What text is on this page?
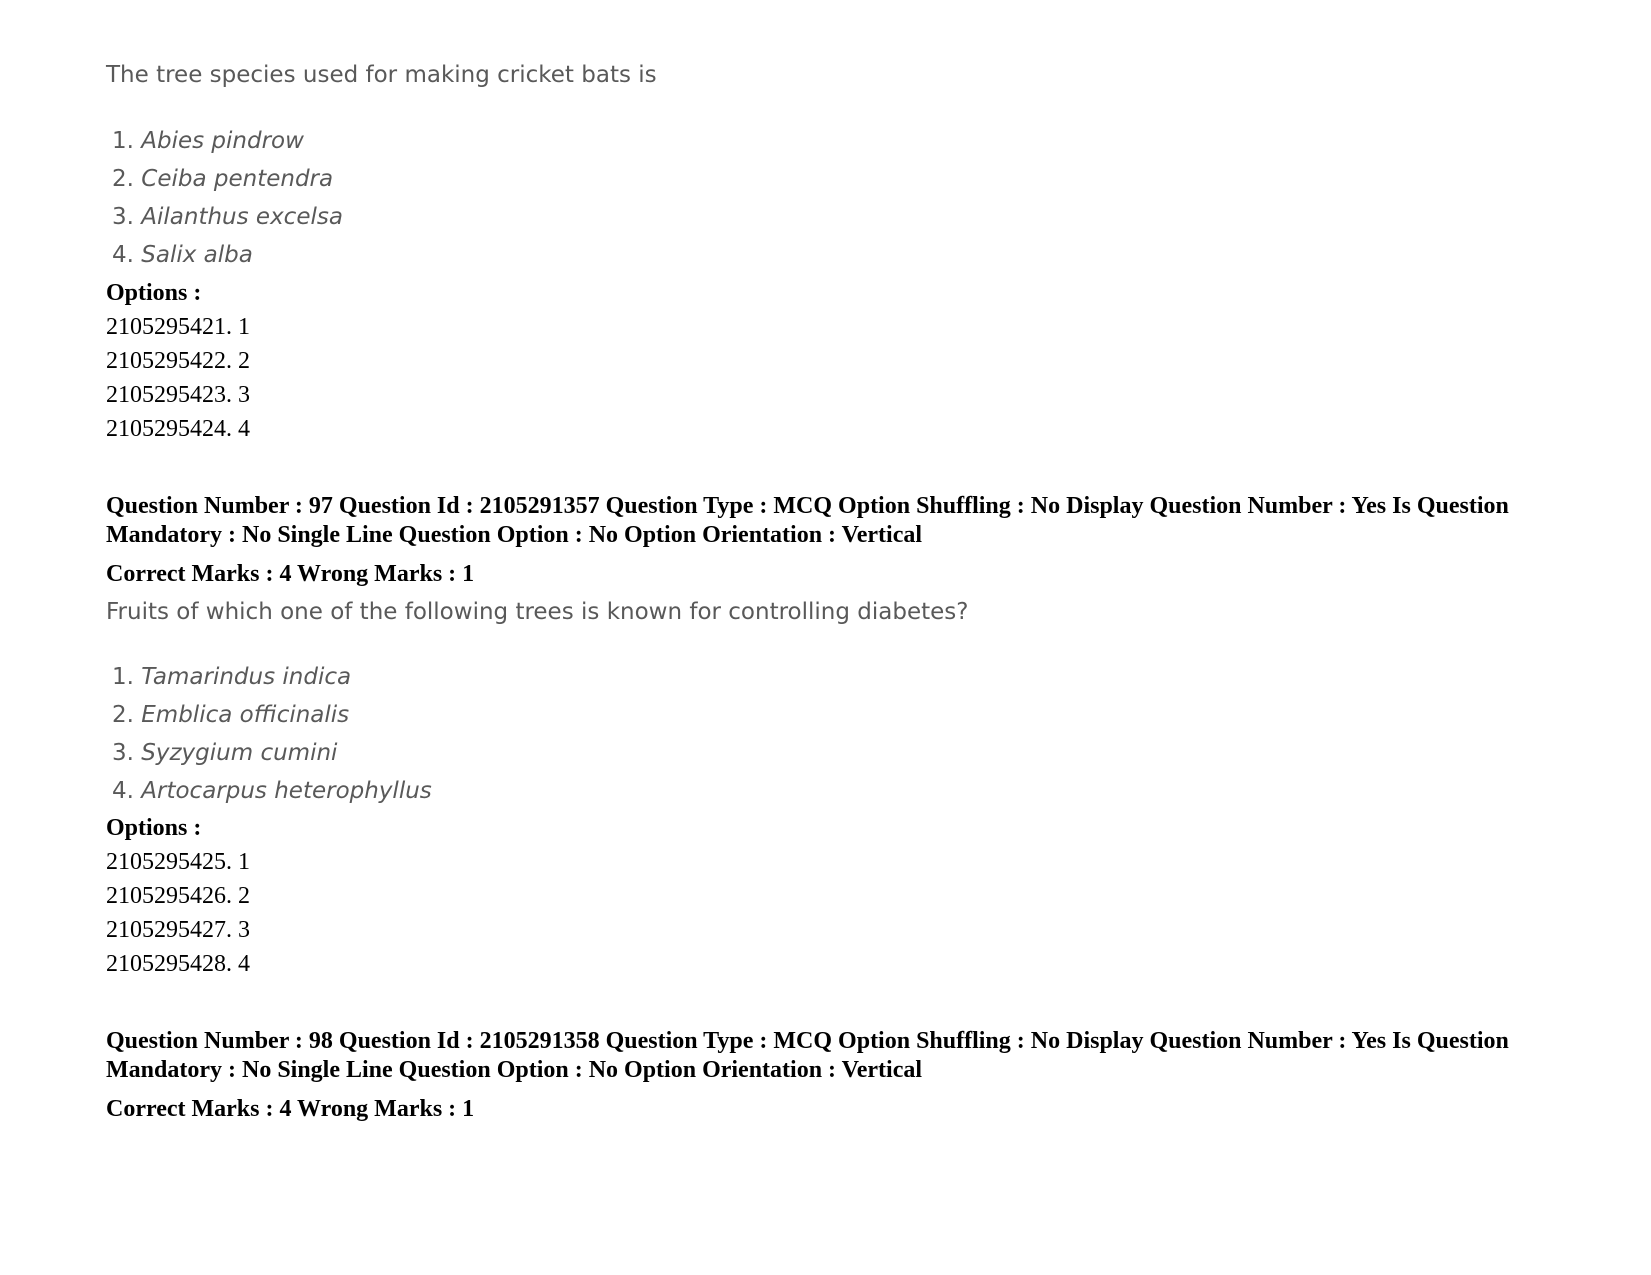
The tree species used for making cricket bats is

1. Abies pindrow
2. Ceiba pentendra
3. Ailanthus excelsa
4. Salix alba

Options :

2105295421. 1
2105295422. 2
2105295423. 3
2105295424. 4

Question Number : 97 Question Id : 2105291357 Question Type : MCQ Option Shuffling : No Display Question Number : Yes Is Question Mandatory : No Single Line Question Option : No Option Orientation : Vertical

Correct Marks : 4 Wrong Marks : 1

Fruits of which one of the following trees is known for controlling diabetes?

1. Tamarindus indica
2. Emblica officinalis
3. Syzygium cumini
4. Artocarpus heterophyllus

Options :

2105295425. 1
2105295426. 2
2105295427. 3
2105295428. 4

Question Number : 98 Question Id : 2105291358 Question Type : MCQ Option Shuffling : No Display Question Number : Yes Is Question Mandatory : No Single Line Question Option : No Option Orientation : Vertical

Correct Marks : 4 Wrong Marks : 1
